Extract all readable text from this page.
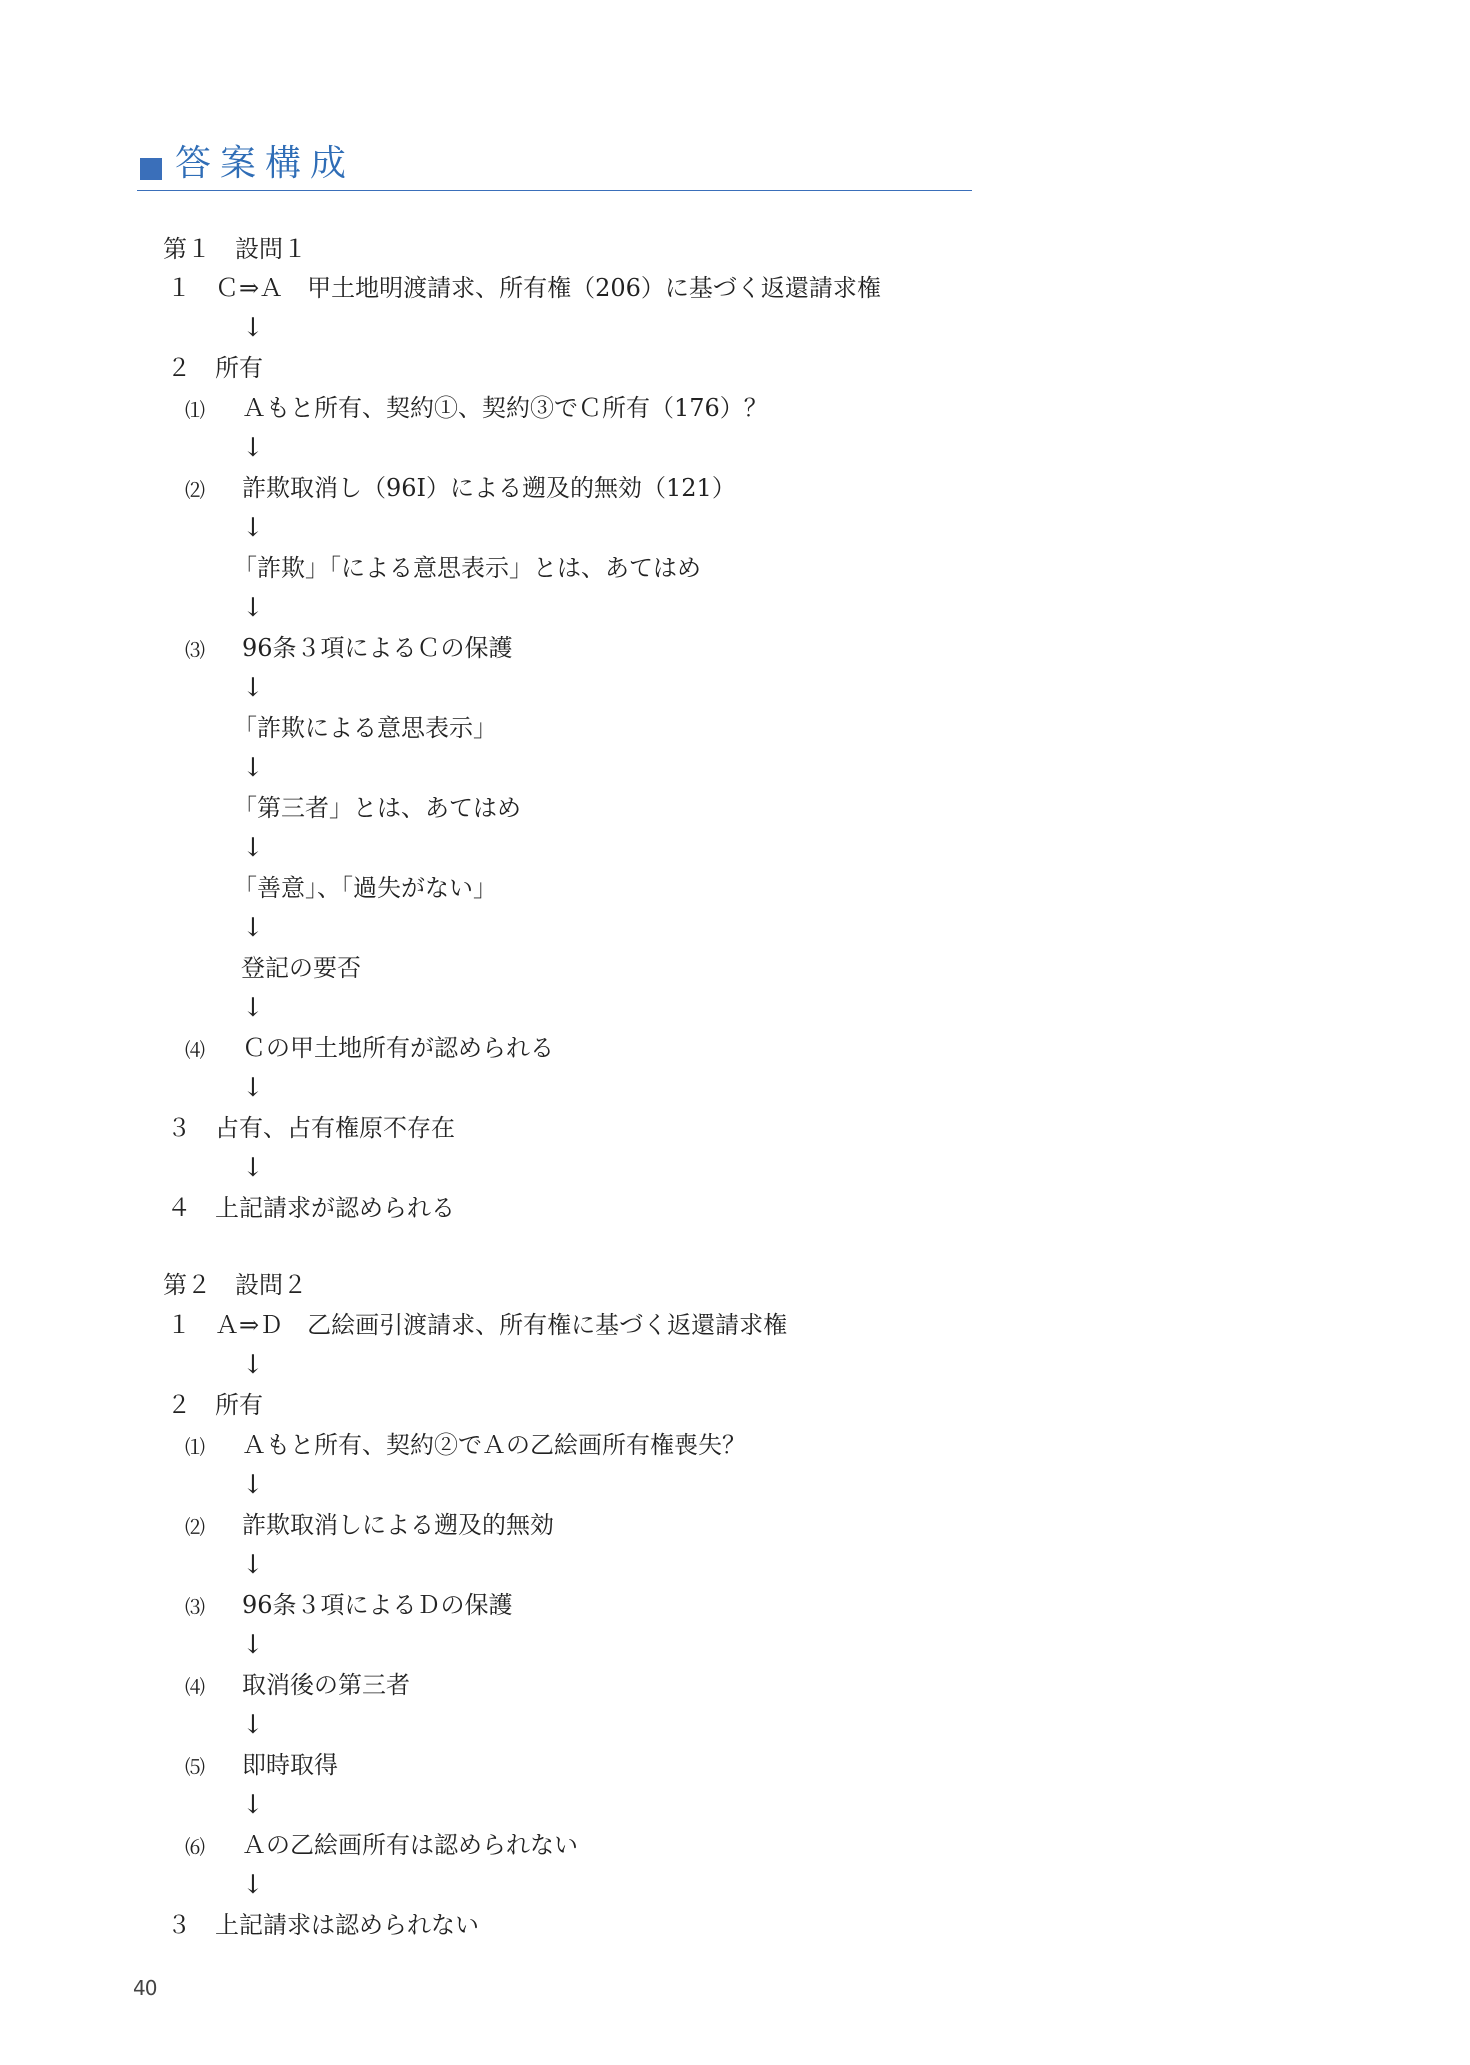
答案構成
第１　設問１
１ Ｃ⇒Ａ　甲土地明渡請求、所有権（206）に基づく返還請求権
↓
２ 所有
⑴ Ａもと所有、契約①、契約③でＣ所有（176）？
↓
⑵ 詐欺取消し（96Ⅰ）による遡及的無効（121）
↓
「詐欺」「による意思表示」とは、あてはめ
↓
⑶ 96条３項によるＣの保護
↓
「詐欺による意思表示」
↓
「第三者」とは、あてはめ
↓
「善意」、「過失がない」
↓
登記の要否
↓
⑷ Ｃの甲土地所有が認められる
↓
３ 占有、占有権原不存在
↓
４ 上記請求が認められる
第２　設問２
１ Ａ⇒Ｄ　乙絵画引渡請求、所有権に基づく返還請求権
↓
２ 所有
⑴ Ａもと所有、契約②でＡの乙絵画所有権喪失？
↓
⑵ 詐欺取消しによる遡及的無効
↓
⑶ 96条３項によるＤの保護
↓
⑷ 取消後の第三者
↓
⑸ 即時取得
↓
⑹ Ａの乙絵画所有は認められない
↓
３ 上記請求は認められない
40
